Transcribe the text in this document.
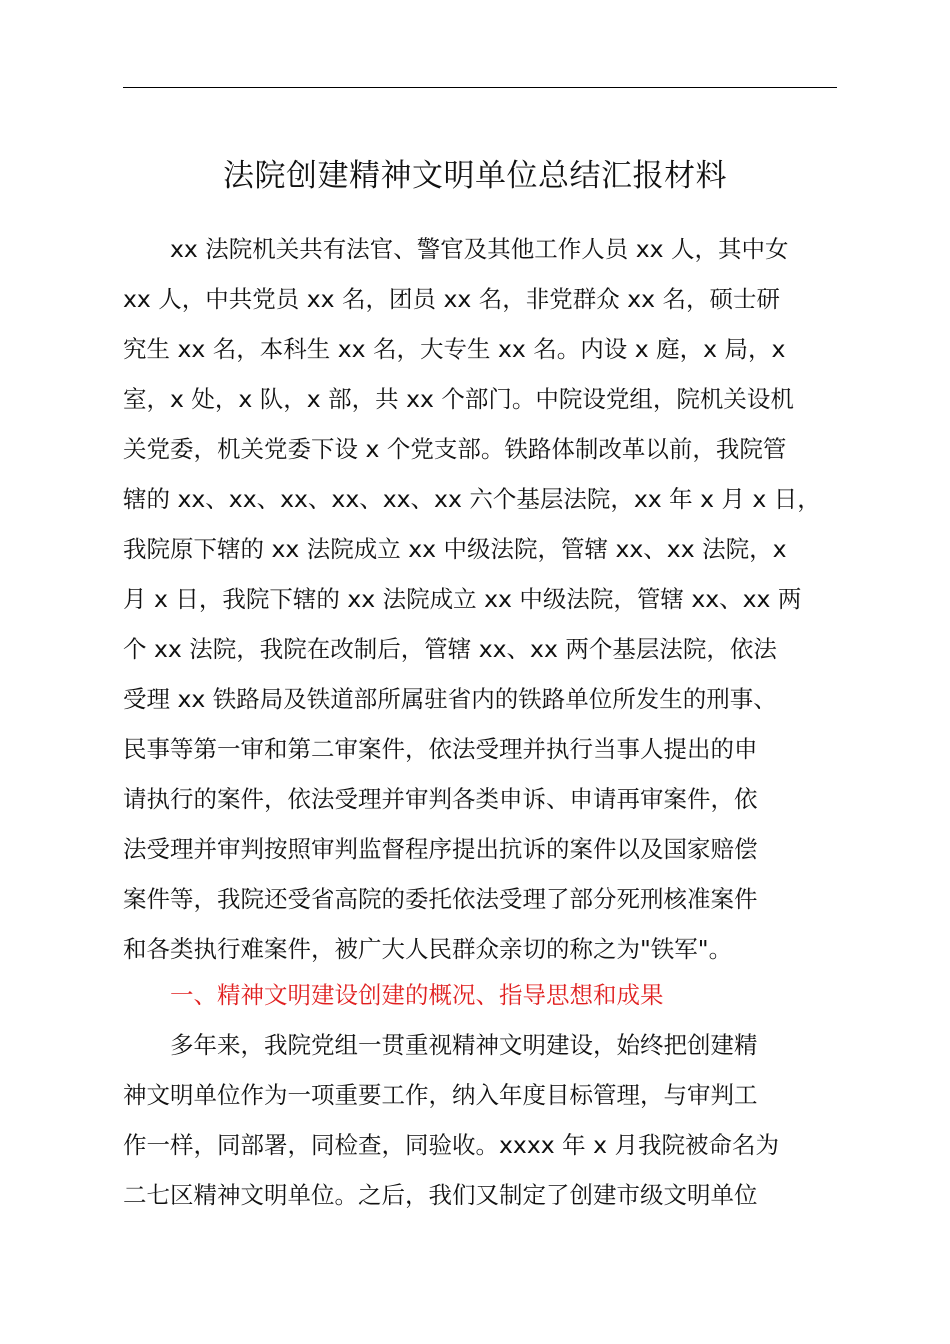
法院创建精神文明单位总结汇报材料
xx 法院机关共有法官、警官及其他工作人员 xx 人，其中女
xx 人，中共党员 xx 名，团员 xx 名，非党群众 xx 名，硕士研
究生 xx 名，本科生 xx 名，大专生 xx 名。内设 x 庭，x 局，x
室，x 处，x 队，x 部，共 xx 个部门。中院设党组，院机关设机
关党委，机关党委下设 x 个党支部。铁路体制改革以前，我院管
辖的 xx、xx、xx、xx、xx、xx 六个基层法院，xx 年 x 月 x 日，
我院原下辖的 xx 法院成立 xx 中级法院，管辖 xx、xx 法院，x
月 x 日，我院下辖的 xx 法院成立 xx 中级法院，管辖 xx、xx 两
个 xx 法院，我院在改制后，管辖 xx、xx 两个基层法院，依法
受理 xx 铁路局及铁道部所属驻省内的铁路单位所发生的刑事、
民事等第一审和第二审案件，依法受理并执行当事人提出的申
请执行的案件，依法受理并审判各类申诉、申请再审案件，依
法受理并审判按照审判监督程序提出抗诉的案件以及国家赔偿
案件等，我院还受省高院的委托依法受理了部分死刑核准案件
和各类执行难案件，被广大人民群众亲切的称之为"铁军"。
一、精神文明建设创建的概况、指导思想和成果
多年来，我院党组一贯重视精神文明建设，始终把创建精
神文明单位作为一项重要工作，纳入年度目标管理，与审判工
作一样，同部署，同检查，同验收。xxxx 年 x 月我院被命名为
二七区精神文明单位。之后，我们又制定了创建市级文明单位
